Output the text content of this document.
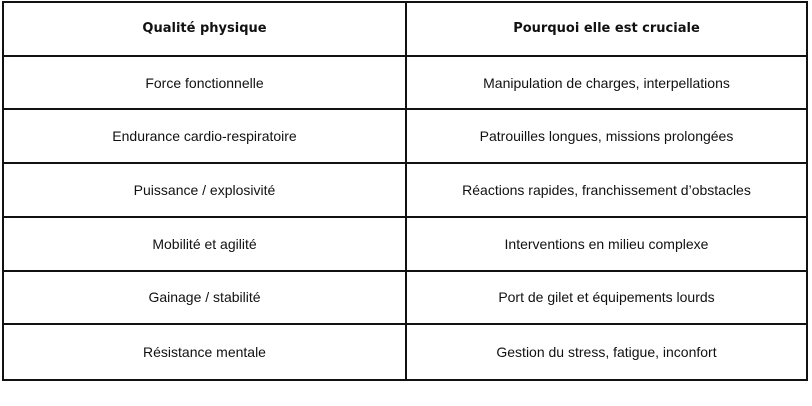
Qualité physique	Pourquoi elle est cruciale
Force fonctionnelle	Manipulation de charges, interpellations
Endurance cardio-respiratoire	Patrouilles longues, missions prolongées
Puissance / explosivité	Réactions rapides, franchissement d’obstacles
Mobilité et agilité	Interventions en milieu complexe
Gainage / stabilité	Port de gilet et équipements lourds
Résistance mentale	Gestion du stress, fatigue, inconfort
